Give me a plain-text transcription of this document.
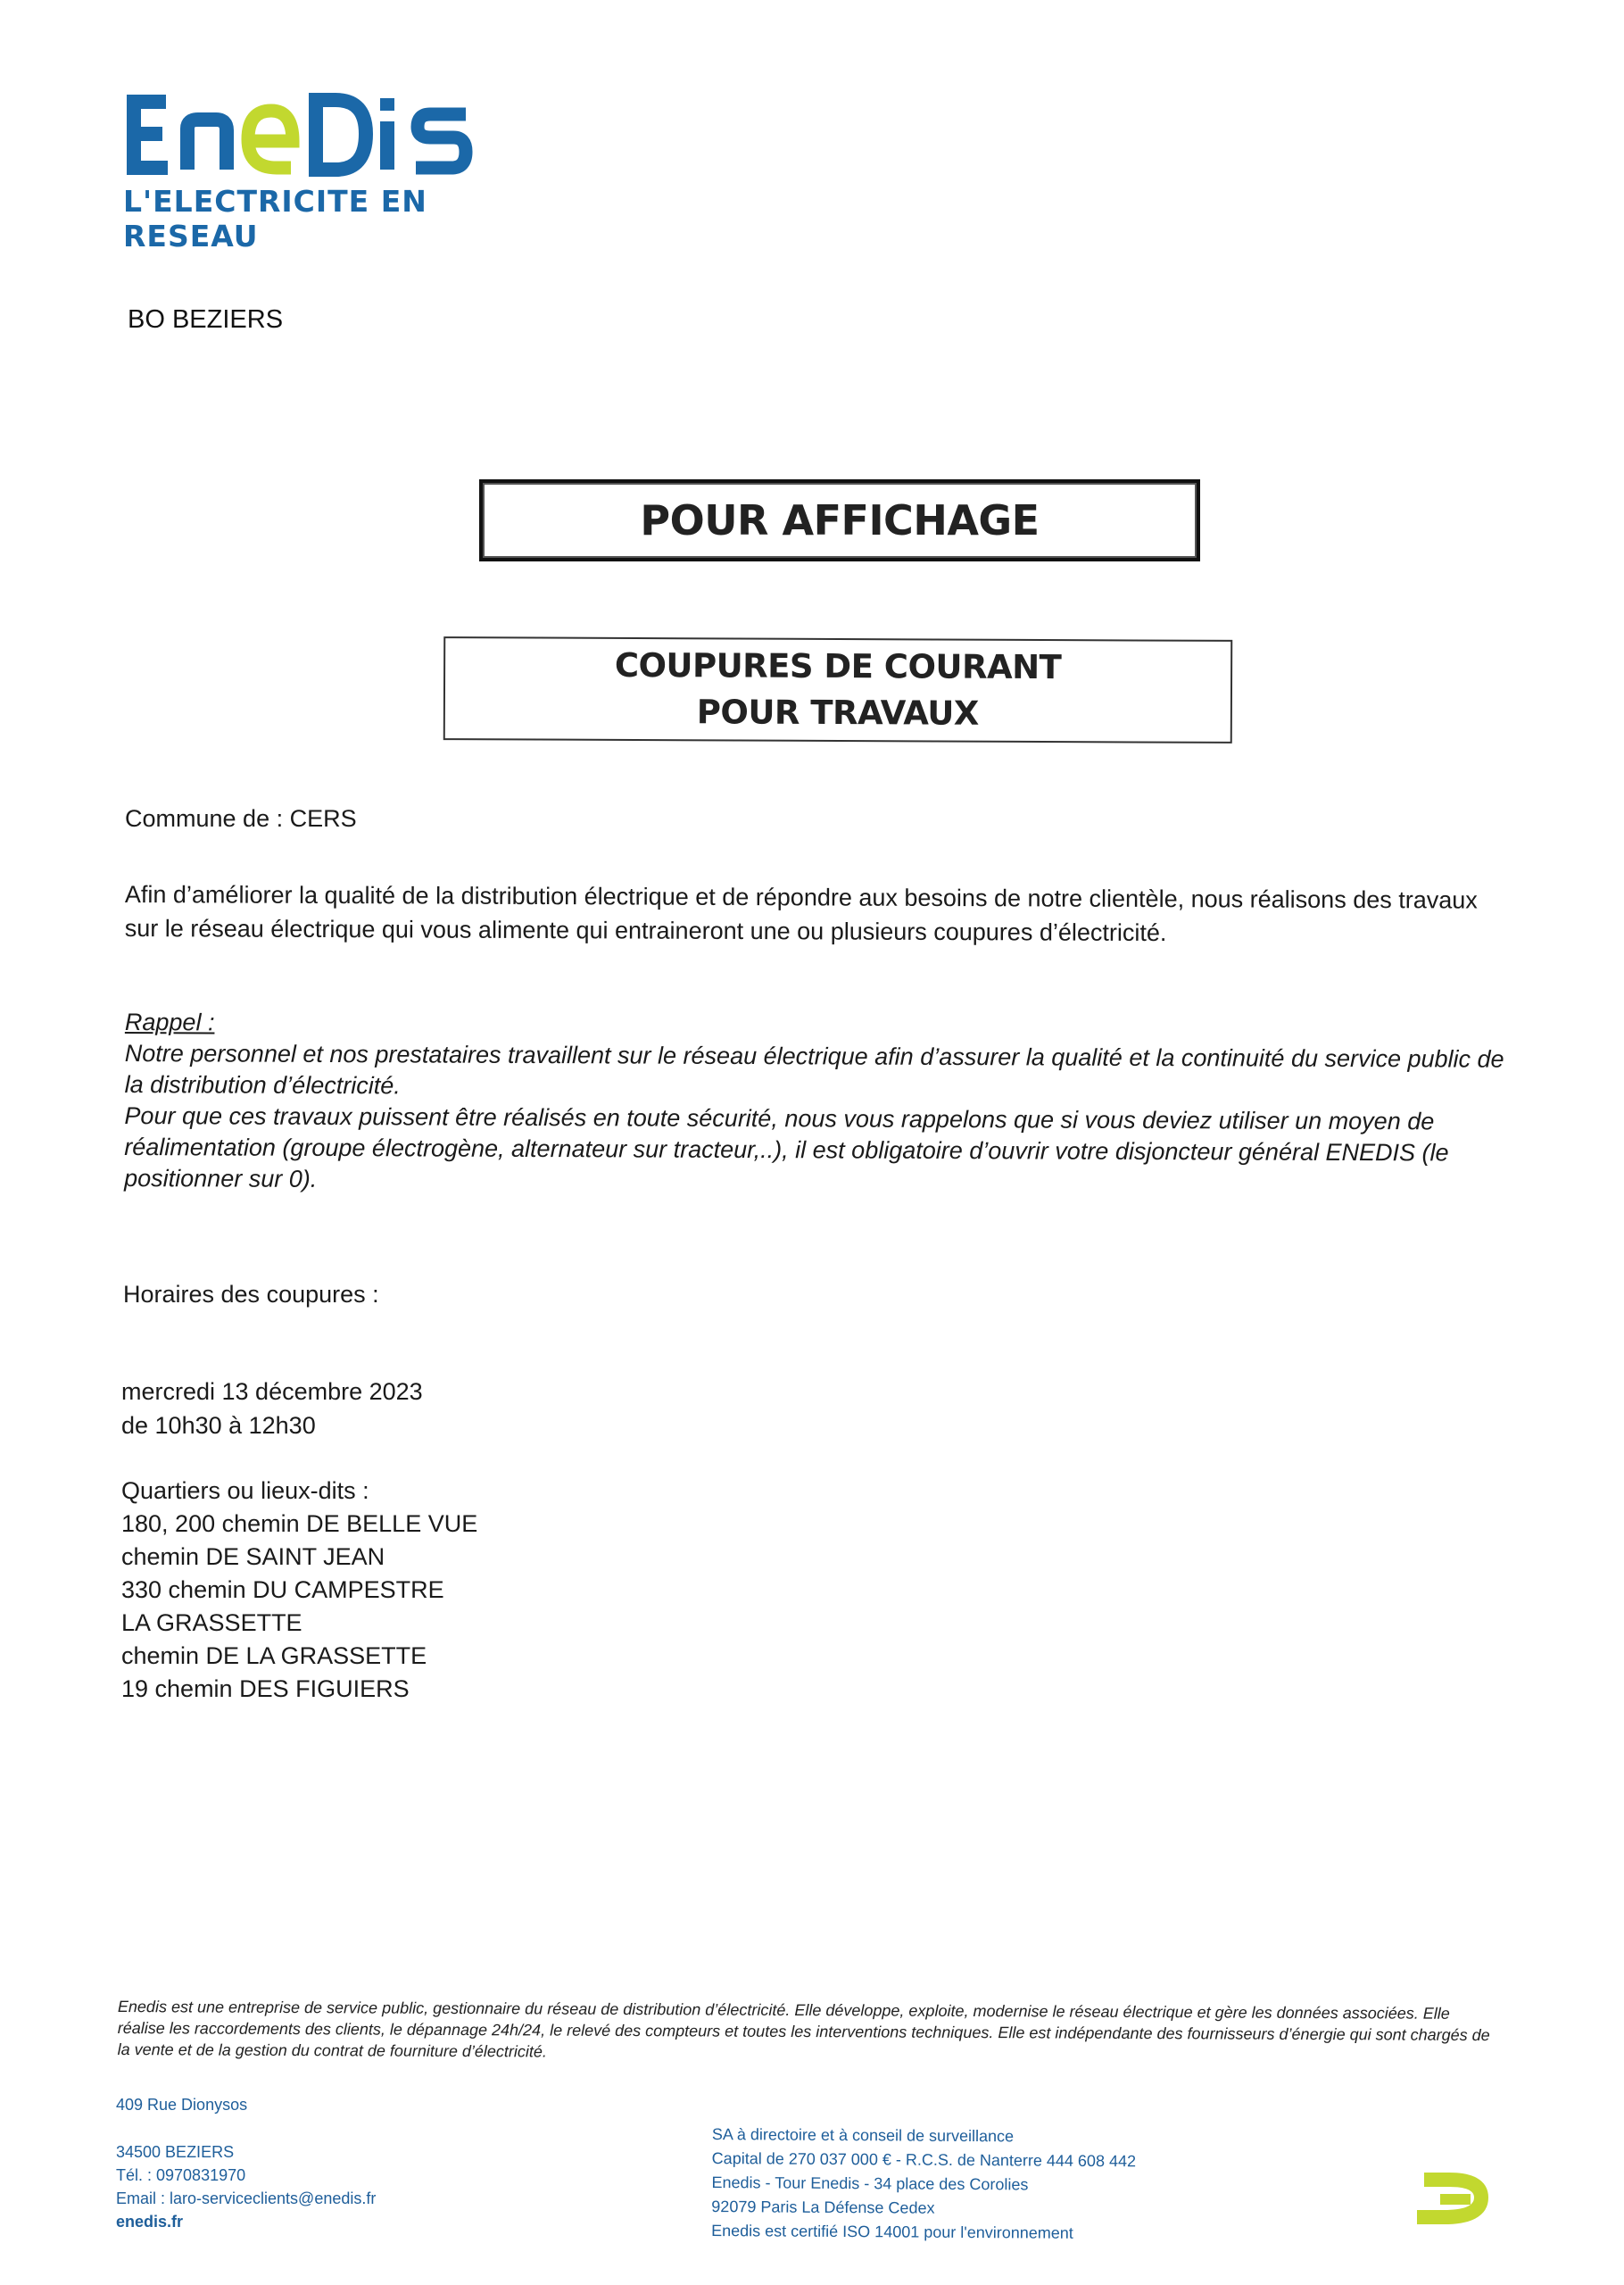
L'ELECTRICITE EN RESEAU
BO BEZIERS
POUR AFFICHAGE
COUPURES DE COURANT
POUR TRAVAUX
Commune de : CERS
Afin d’améliorer la qualité de la distribution électrique et de répondre aux besoins de notre clientèle, nous réalisons des travaux sur le réseau électrique qui vous alimente qui entraineront une ou plusieurs coupures d’électricité.
Rappel :

Notre personnel et nos prestataires travaillent sur le réseau électrique afin d’assurer la qualité et la continuité du service public de la distribution d’électricité.

Pour que ces travaux puissent être réalisés en toute sécurité, nous vous rappelons que si vous deviez utiliser un moyen de réalimentation (groupe électrogène, alternateur sur tracteur,..), il est obligatoire d’ouvrir votre disjoncteur général ENEDIS (le positionner sur 0).

Horaires des coupures :
mercredi 13 décembre 2023
de 10h30 à 12h30
Quartiers ou lieux-dits :
180, 200 chemin DE BELLE VUE
chemin DE SAINT JEAN
330 chemin DU CAMPESTRE
LA GRASSETTE
chemin DE LA GRASSETTE
19 chemin DES FIGUIERS
Enedis est une entreprise de service public, gestionnaire du réseau de distribution d’électricité. Elle développe, exploite, modernise le réseau électrique et gère les données associées. Elle réalise les raccordements des clients, le dépannage 24h/24, le relevé des compteurs et toutes les interventions techniques. Elle est indépendante des fournisseurs d’énergie qui sont chargés de la vente et de la gestion du contrat de fourniture d’électricité.
409 Rue Dionysos
34500 BEZIERS
Tél. : 0970831970
Email : laro-serviceclients@enedis.fr
enedis.fr
SA à directoire et à conseil de surveillance
Capital de 270 037 000 € - R.C.S. de Nanterre 444 608 442
Enedis - Tour Enedis - 34 place des Corolies
92079 Paris La Défense Cedex
Enedis est certifié ISO 14001 pour l'environnement
